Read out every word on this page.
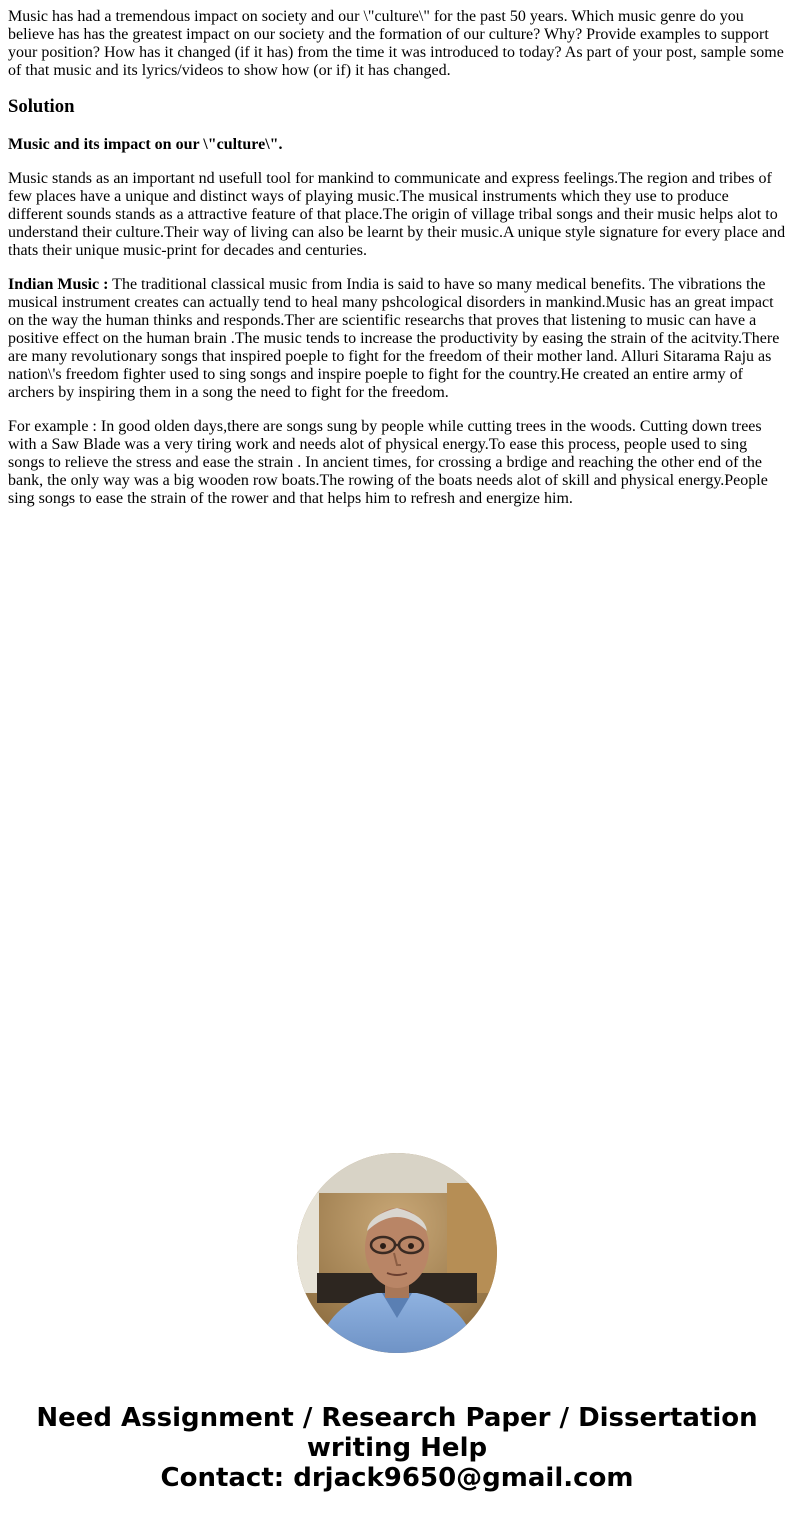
Music has had a tremendous impact on society and our \"culture\" for the past 50 years. Which music genre do you believe has has the greatest impact on our society and the formation of our culture? Why? Provide examples to support your position? How has it changed (if it has) from the time it was introduced to today? As part of your post, sample some of that music and its lyrics/videos to show how (or if) it has changed.
Solution
Music and its impact on our \"culture\".

Music stands as an important nd usefull tool for mankind to communicate and express feelings.The region and tribes of few places have a unique and distinct ways of playing music.The musical instruments which they use to produce different sounds stands as a attractive feature of that place.The origin of village tribal songs and their music helps alot to understand their culture.Their way of living can also be learnt by their music.A unique style signature for every place and thats their unique music-print for decades and centuries.

Indian Music : The traditional classical music from India is said to have so many medical benefits. The vibrations the musical instrument creates can actually tend to heal many pshcological disorders in mankind.Music has an great impact on the way the human thinks and responds.Ther are scientific researchs that proves that listening to music can have a positive effect on the human brain .The music tends to increase the productivity by easing the strain of the acitvity.There are many revolutionary songs that inspired poeple to fight for the freedom of their mother land. Alluri Sitarama Raju as nation\'s freedom fighter used to sing songs and inspire poeple to fight for the country.He created an entire army of archers by inspiring them in a song the need to fight for the freedom.

For example : In good olden days,there are songs sung by people while cutting trees in the woods. Cutting down trees with a Saw Blade was a very tiring work and needs alot of physical energy.To ease this process, people used to sing songs to relieve the stress and ease the strain . In ancient times, for crossing a brdige and reaching the other end of the bank, the only way was a big wooden row boats.The rowing of the boats needs alot of skill and physical energy.People sing songs to ease the strain of the rower and that helps him to refresh and energize him.

Need Assignment / Research Paper / Dissertation
writing Help
Contact: drjack9650@gmail.com
